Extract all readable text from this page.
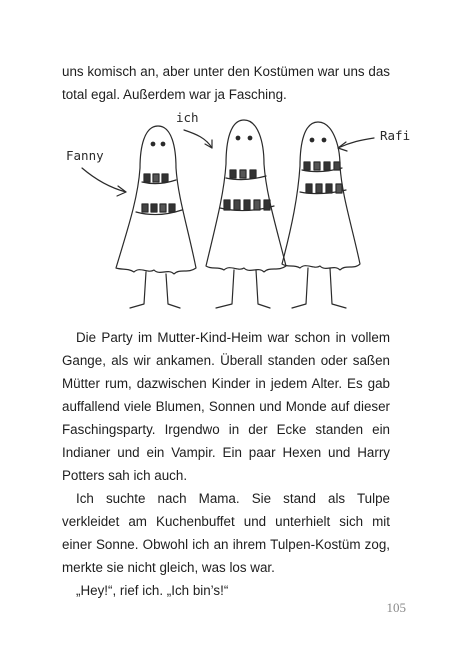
uns komisch an, aber unter den Kostümen war uns das total egal. Außerdem war ja Fasching.

Fanny
ich
Rafi

Die Party im Mutter-Kind-Heim war schon in vollem Gange, als wir ankamen. Überall standen oder saßen Mütter rum, dazwischen Kinder in jedem Alter. Es gab auffallend viele Blumen, Sonnen und Monde auf dieser Faschingsparty. Irgendwo in der Ecke standen ein Indianer und ein Vampir. Ein paar Hexen und Harry Potters sah ich auch.

Ich suchte nach Mama. Sie stand als Tulpe verkleidet am Kuchenbuffet und unterhielt sich mit einer Sonne. Obwohl ich an ihrem Tulpen-Kostüm zog, merkte sie nicht gleich, was los war.

„Hey!“, rief ich. „Ich bin’s!“

105
